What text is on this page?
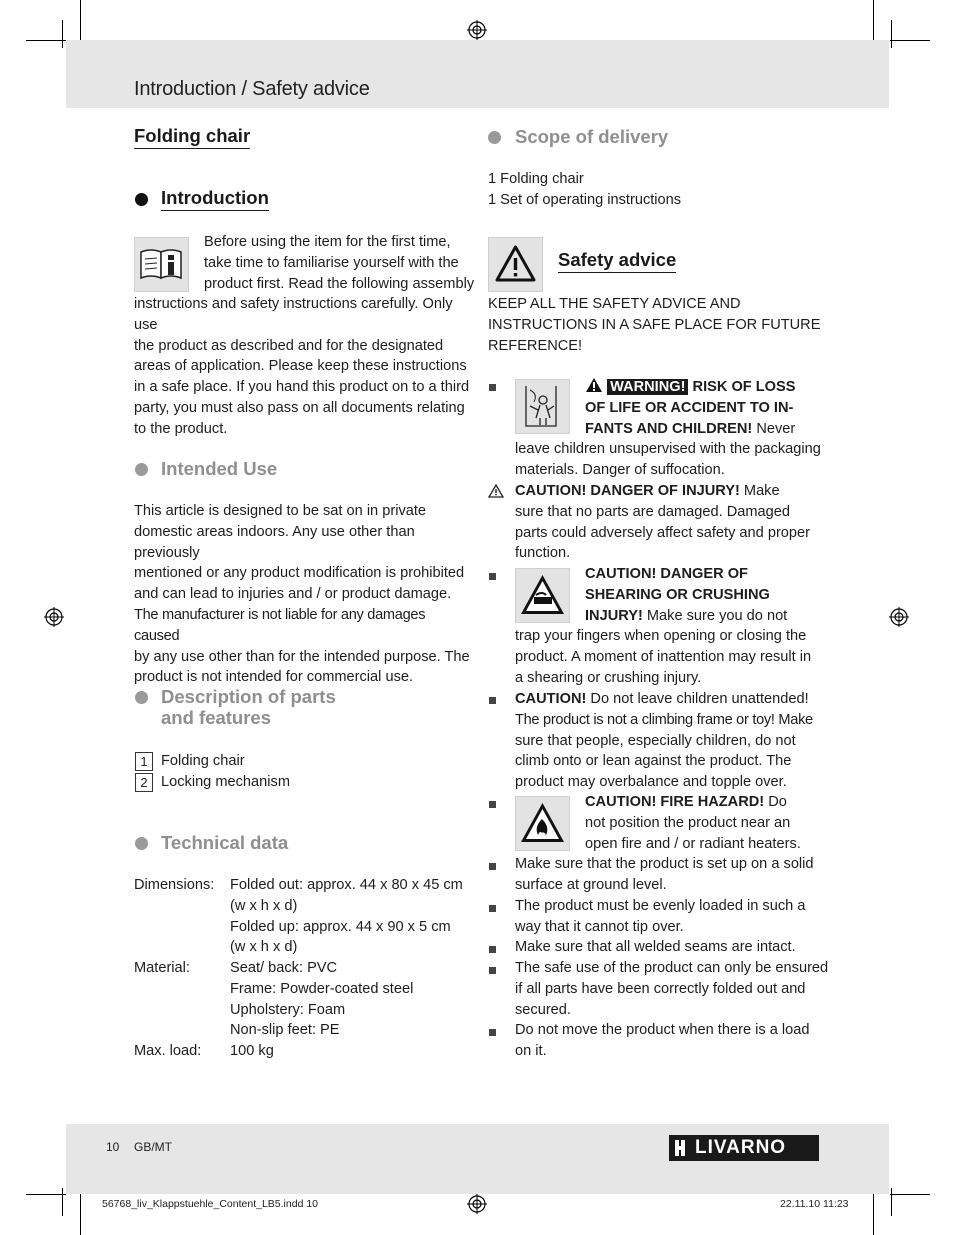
Introduction / Safety advice
Folding chair
Introduction
Before using the item for the first time,
take time to familiarise yourself with the
product first. Read the following assembly
instructions and safety instructions carefully. Only use
the product as described and for the designated
areas of application. Please keep these instructions
in a safe place. If you hand this product on to a third
party, you must also pass on all documents relating
to the product.
Intended Use
This article is designed to be sat on in private
domestic areas indoors. Any use other than previously
mentioned or any product modification is prohibited
and can lead to injuries and / or product damage.
The manufacturer is not liable for any damages caused
by any use other than for the intended purpose. The
product is not intended for commercial use.
Description of parts
and features
1 Folding chair
2 Locking mechanism
Technical data
Dimensions: Folded out: approx. 44 x 80 x 45 cm
(w x h x d)
Folded up: approx. 44 x 90 x 5 cm
(w x h x d)
Material:	Seat/ back: PVC
Frame: Powder-coated steel
Upholstery: Foam
Non-slip feet: PE
Max. load: 100 kg
Scope of delivery
1 Folding chair
1 Set of operating instructions
Safety advice
KEEP ALL THE SAFETY ADVICE AND
INSTRUCTIONS IN A SAFE PLACE FOR FUTURE
REFERENCE!
WARNING! RISK OF LOSS
OF LIFE OR ACCIDENT TO IN-
FANTS AND CHILDREN! Never
leave children unsupervised with the packaging
materials. Danger of suffocation.
CAUTION! DANGER OF INJURY! Make
sure that no parts are damaged. Damaged
parts could adversely affect safety and proper
function.
CAUTION! DANGER OF
SHEARING OR CRUSHING
INJURY! Make sure you do not
trap your fingers when opening or closing the
product. A moment of inattention may result in
a shearing or crushing injury.
CAUTION! Do not leave children unattended!
The product is not a climbing frame or toy! Make
sure that people, especially children, do not
climb onto or lean against the product. The
product may overbalance and topple over.
CAUTION! FIRE HAZARD! Do
not position the product near an
open fire and / or radiant heaters.
Make sure that the product is set up on a solid
surface at ground level.
The product must be evenly loaded in such a
way that it cannot tip over.
Make sure that all welded seams are intact.
The safe use of the product can only be ensured
if all parts have been correctly folded out and
secured.
Do not move the product when there is a load
on it.
10 GB/MT	LIVARNO
56768_liv_Klappstuehle_Content_LB5.indd 10	22.11.10 11:23
